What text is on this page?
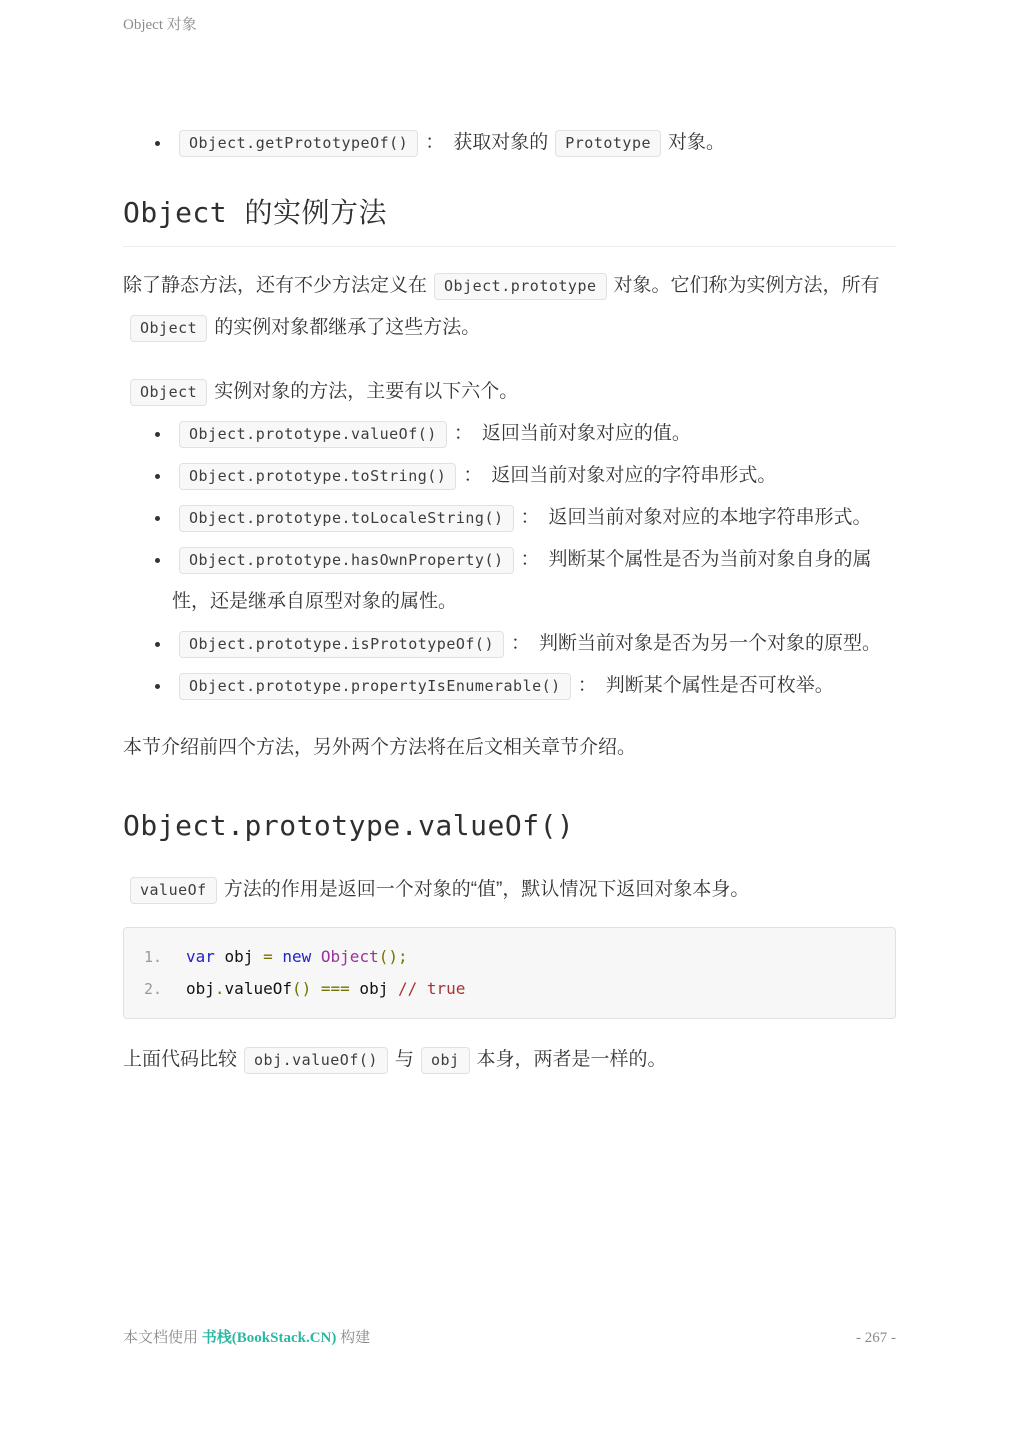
Object 对象
• Object.getPrototypeOf() ： 获取对象的 Prototype 对象。
Object 的实例方法

除了静态方法，还有不少方法定义在 Object.prototype 对象。它们称为实例方法，所有Object 的实例对象都继承了这些方法。

Object 实例对象的方法，主要有以下六个。

• Object.prototype.valueOf() ： 返回当前对象对应的值。
• Object.prototype.toString() ： 返回当前对象对应的字符串形式。
• Object.prototype.toLocaleString() ： 返回当前对象对应的本地字符串形式。
• Object.prototype.hasOwnProperty() ： 判断某个属性是否为当前对象自身的属性，还是继承自原型对象的属性。
• Object.prototype.isPrototypeOf() ： 判断当前对象是否为另一个对象的原型。
• Object.prototype.propertyIsEnumerable() ： 判断某个属性是否可枚举。

本节介绍前四个方法，另外两个方法将在后文相关章节介绍。

Object.prototype.valueOf()

valueOf 方法的作用是返回一个对象的“值”，默认情况下返回对象本身。

1. var obj = new Object();
2. obj.valueOf() === obj // true

上面代码比较 obj.valueOf() 与 obj 本身，两者是一样的。

本文档使用 书栈(BookStack.CN) 构建	- 267 -
